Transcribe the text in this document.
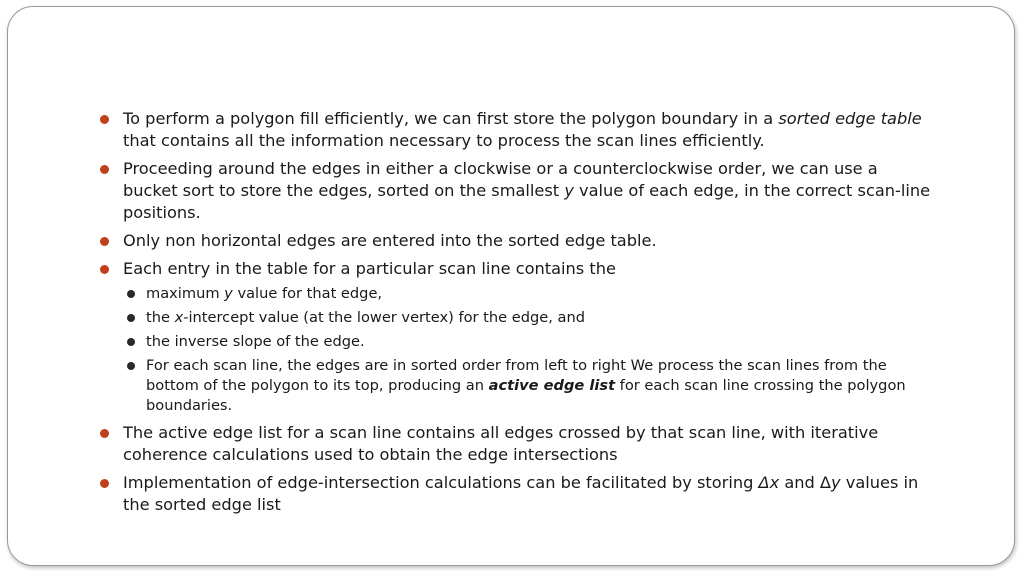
To perform a polygon fill efficiently, we can first store the polygon boundary in a sorted edge table that contains all the information necessary to process the scan lines efficiently.
Proceeding around the edges in either a clockwise or a counterclockwise order, we can use a bucket sort to store the edges, sorted on the smallest y value of each edge, in the correct scan-line positions.
Only non horizontal edges are entered into the sorted edge table.
Each entry in the table for a particular scan line contains the
maximum y value for that edge,
the x-intercept value (at the lower vertex) for the edge, and
the inverse slope of the edge.
For each scan line, the edges are in sorted order from left to right We process the scan lines from the bottom of the polygon to its top, producing an active edge list for each scan line crossing the polygon boundaries.
The active edge list for a scan line contains all edges crossed by that scan line, with iterative coherence calculations used to obtain the edge intersections
Implementation of edge-intersection calculations can be facilitated by storing Δx and Δy values in the sorted edge list
